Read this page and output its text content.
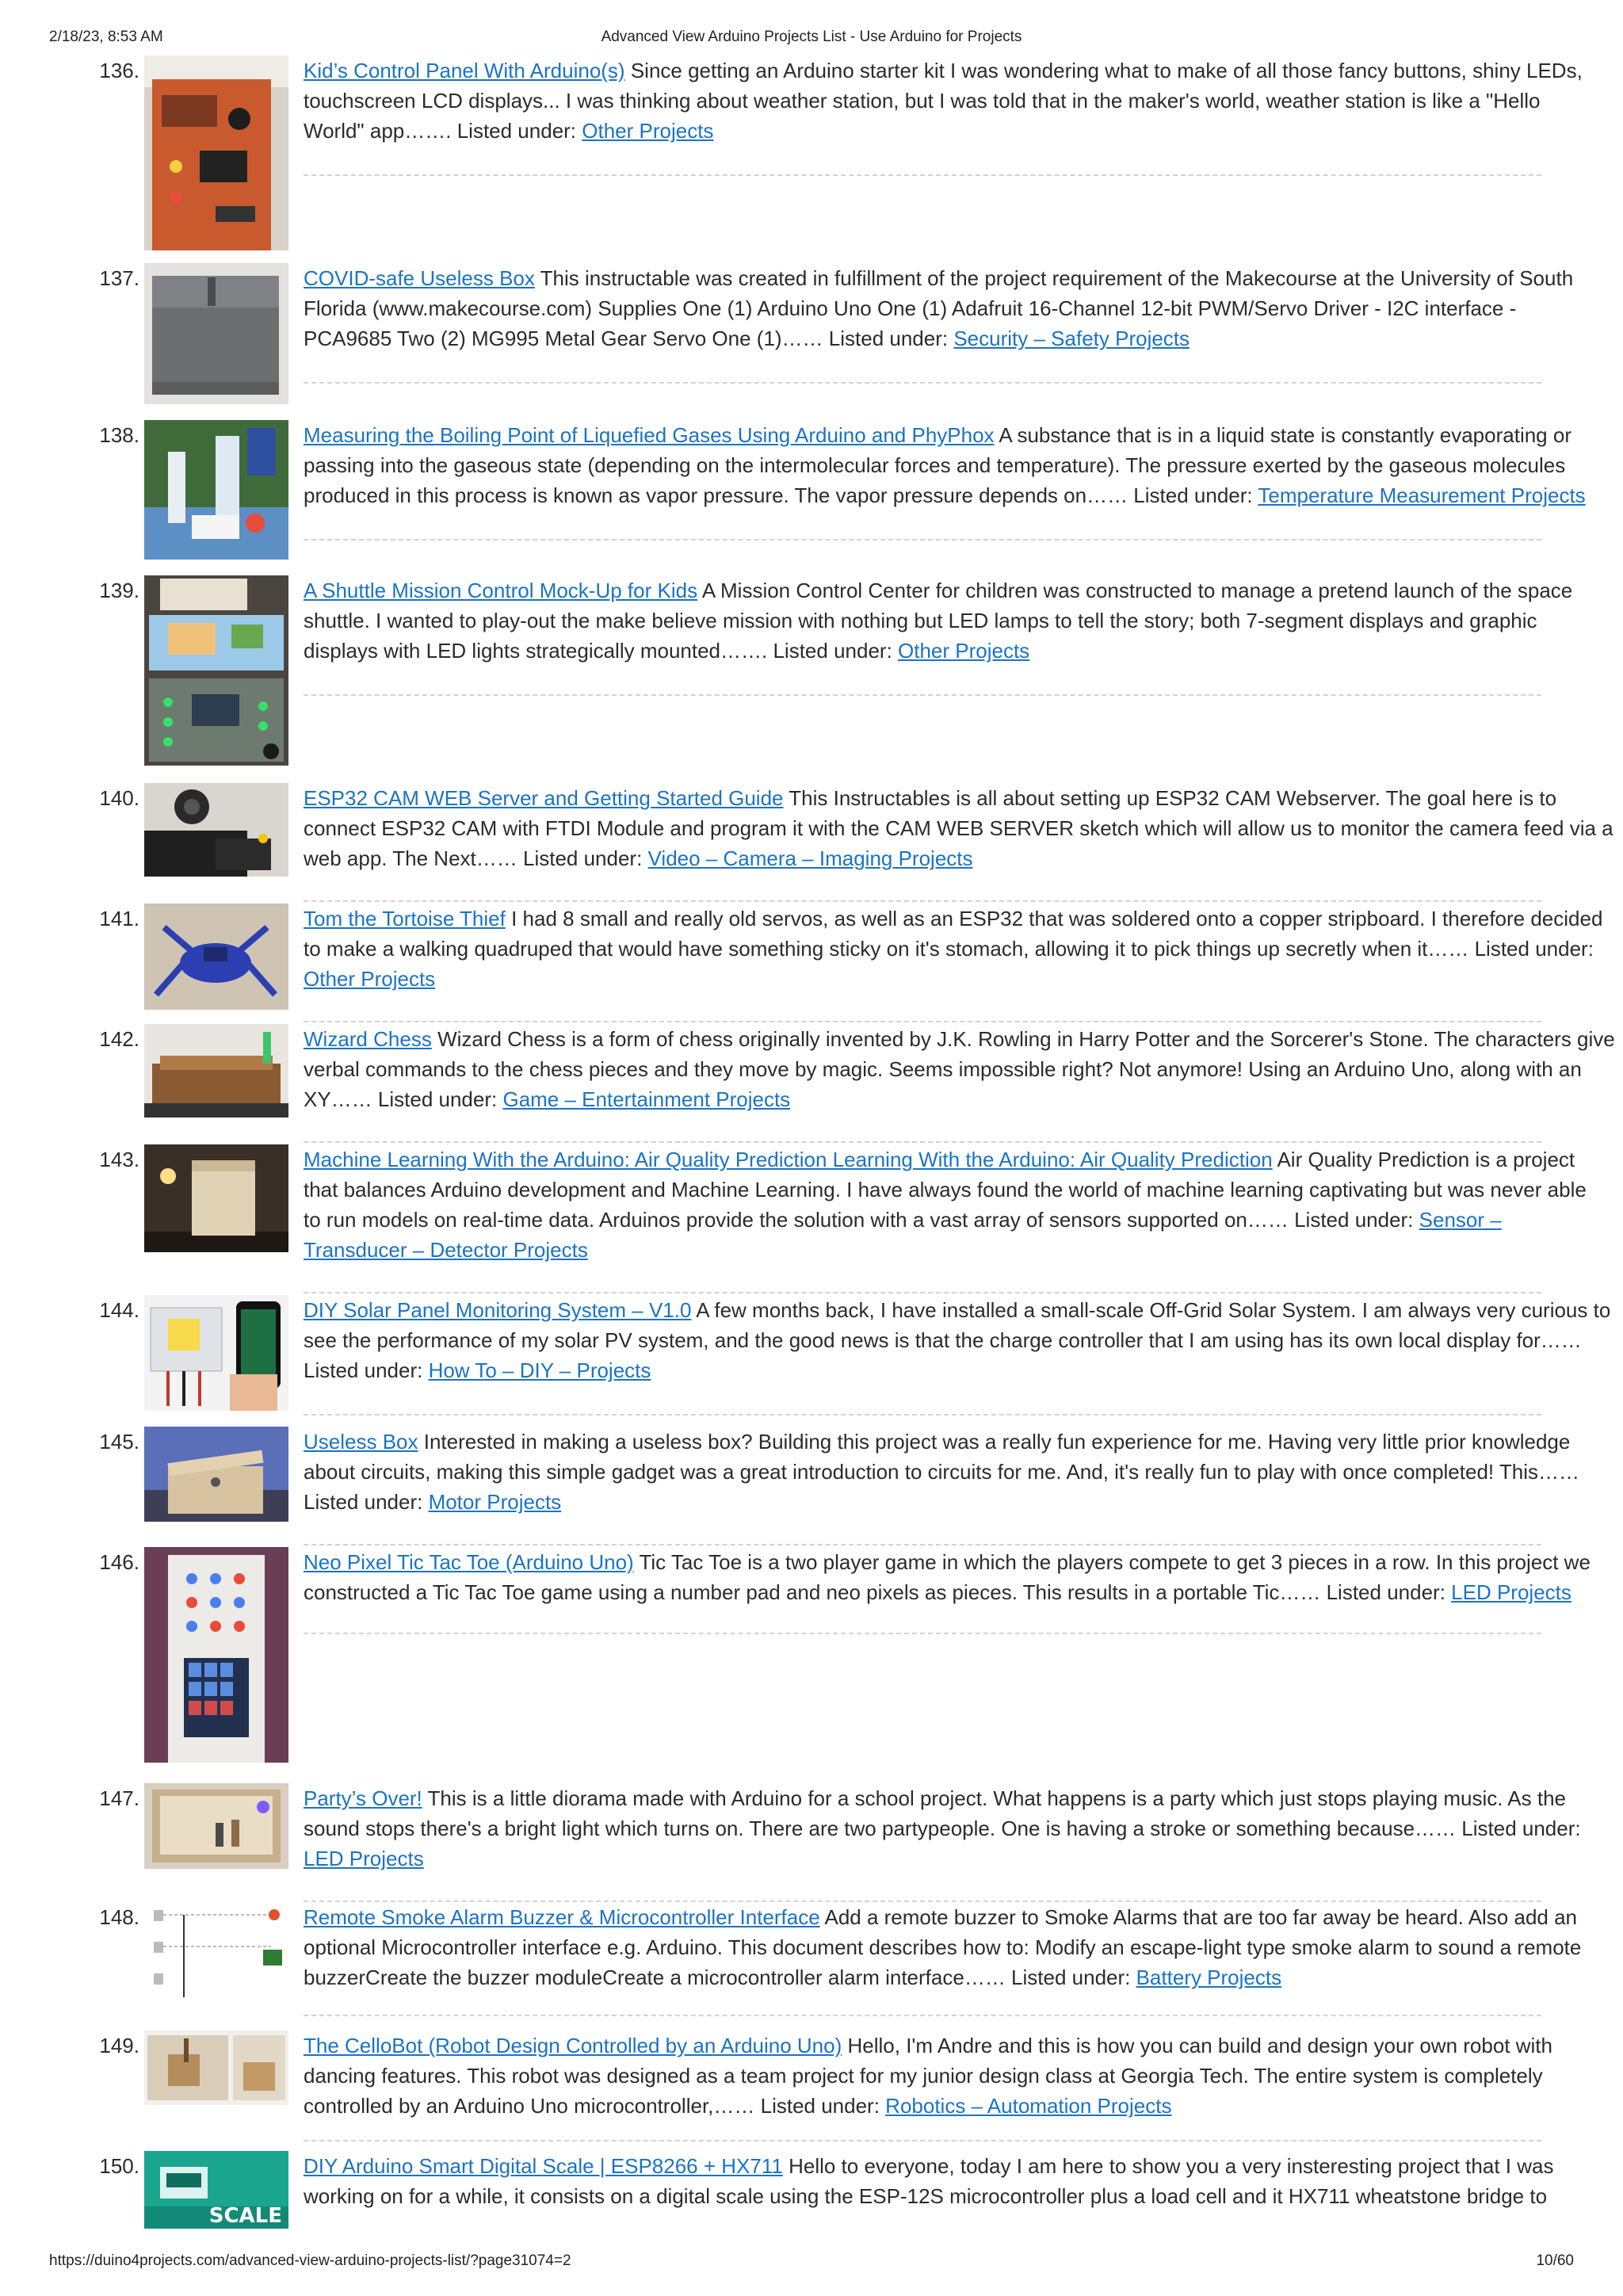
2/18/23, 8:53 AM	Advanced View Arduino Projects List - Use Arduino for Projects
136.	Kid’s Control Panel With Arduino(s) Since getting an Arduino starter kit I was wondering what to make of all those fancy buttons, shiny LEDs,
touchscreen LCD displays... I was thinking about weather station, but I was told that in the maker's world, weather station is like a "Hello
World" app……. Listed under: Other Projects
137.	COVID-safe Useless Box This instructable was created in fulfillment of the project requirement of the Makecourse at the University of South
Florida (www.makecourse.com) Supplies One (1) Arduino Uno One (1) Adafruit 16-Channel 12-bit PWM/Servo Driver - I2C interface -
PCA9685 Two (2) MG995 Metal Gear Servo One (1)…… Listed under: Security – Safety Projects
138.	Measuring the Boiling Point of Liquefied Gases Using Arduino and PhyPhox A substance that is in a liquid state is constantly evaporating or
passing into the gaseous state (depending on the intermolecular forces and temperature). The pressure exerted by the gaseous molecules
produced in this process is known as vapor pressure. The vapor pressure depends on…… Listed under: Temperature Measurement Projects
139.	A Shuttle Mission Control Mock-Up for Kids A Mission Control Center for children was constructed to manage a pretend launch of the space
shuttle. I wanted to play-out the make believe mission with nothing but LED lamps to tell the story; both 7-segment displays and graphic
displays with LED lights strategically mounted……. Listed under: Other Projects
140.	ESP32 CAM WEB Server and Getting Started Guide This Instructables is all about setting up ESP32 CAM Webserver. The goal here is to
connect ESP32 CAM with FTDI Module and program it with the CAM WEB SERVER sketch which will allow us to monitor the camera feed via a
web app. The Next…… Listed under: Video – Camera – Imaging Projects
141.	Tom the Tortoise Thief I had 8 small and really old servos, as well as an ESP32 that was soldered onto a copper stripboard. I therefore decided
to make a walking quadruped that would have something sticky on it's stomach, allowing it to pick things up secretly when it…… Listed under:
Other Projects
142.	Wizard Chess Wizard Chess is a form of chess originally invented by J.K. Rowling in Harry Potter and the Sorcerer's Stone. The characters give
verbal commands to the chess pieces and they move by magic. Seems impossible right? Not anymore! Using an Arduino Uno, along with an
XY…… Listed under: Game – Entertainment Projects
143.	Machine Learning With the Arduino: Air Quality Prediction Learning With the Arduino: Air Quality Prediction Air Quality Prediction is a project
that balances Arduino development and Machine Learning. I have always found the world of machine learning captivating but was never able
to run models on real-time data. Arduinos provide the solution with a vast array of sensors supported on…… Listed under: Sensor –
Transducer – Detector Projects
144.	DIY Solar Panel Monitoring System – V1.0 A few months back, I have installed a small-scale Off-Grid Solar System. I am always very curious to
see the performance of my solar PV system, and the good news is that the charge controller that I am using has its own local display for……
Listed under: How To – DIY – Projects
145.	Useless Box Interested in making a useless box? Building this project was a really fun experience for me. Having very little prior knowledge
about circuits, making this simple gadget was a great introduction to circuits for me. And, it's really fun to play with once completed! This……
Listed under: Motor Projects
146.	Neo Pixel Tic Tac Toe (Arduino Uno) Tic Tac Toe is a two player game in which the players compete to get 3 pieces in a row. In this project we
constructed a Tic Tac Toe game using a number pad and neo pixels as pieces. This results in a portable Tic…… Listed under: LED Projects
147.	Party’s Over! This is a little diorama made with Arduino for a school project. What happens is a party which just stops playing music. As the
sound stops there's a bright light which turns on. There are two partypeople. One is having a stroke or something because…… Listed under:
LED Projects
148.	Remote Smoke Alarm Buzzer & Microcontroller Interface Add a remote buzzer to Smoke Alarms that are too far away be heard. Also add an
optional Microcontroller interface e.g. Arduino. This document describes how to: Modify an escape-light type smoke alarm to sound a remote
buzzerCreate the buzzer moduleCreate a microcontroller alarm interface…… Listed under: Battery Projects
149.	The CelloBot (Robot Design Controlled by an Arduino Uno) Hello, I'm Andre and this is how you can build and design your own robot with
dancing features. This robot was designed as a team project for my junior design class at Georgia Tech. The entire system is completely
controlled by an Arduino Uno microcontroller,…… Listed under: Robotics – Automation Projects
150.
SCALE
DIY Arduino Smart Digital Scale | ESP8266 + HX711 Hello to everyone, today I am here to show you a very insteresting project that I was
working on for a while, it consists on a digital scale using the ESP-12S microcontroller plus a load cell and it HX711 wheatstone bridge to
https://duino4projects.com/advanced-view-arduino-projects-list/?page31074=2	10/60
